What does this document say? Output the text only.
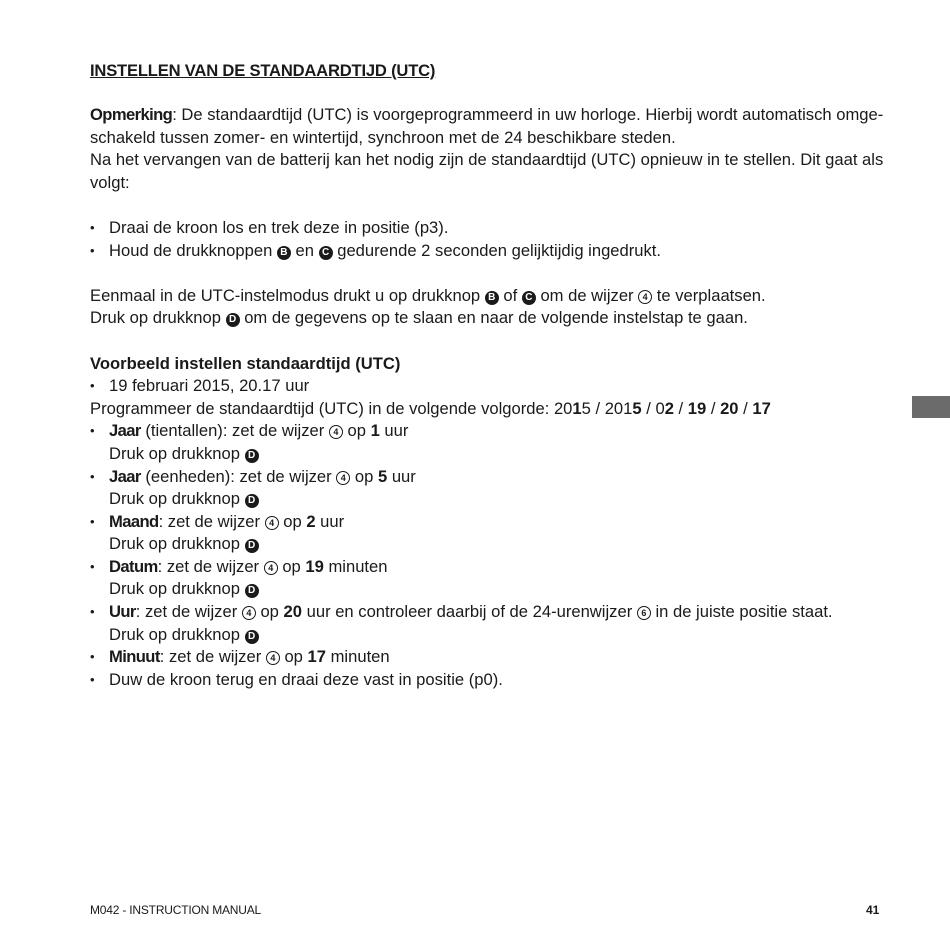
INSTELLEN VAN DE STANDAARDTIJD (UTC)

Opmerking: De standaardtijd (UTC) is voorgeprogrammeerd in uw horloge. Hierbij wordt automatisch omge-schakeld tussen zomer- en wintertijd, synchroon met de 24 beschikbare steden.

Na het vervangen van de batterij kan het nodig zijn de standaardtijd (UTC) opnieuw in te stellen. Dit gaat als volgt:

• Draai de kroon los en trek deze in positie (p3).
• Houd de drukknoppen B en C gedurende 2 seconden gelijktijdig ingedrukt.

Eenmaal in de UTC-instelmodus drukt u op drukknop B of C om de wijzer 4 te verplaatsen.

Druk op drukknop D om de gegevens op te slaan en naar de volgende instelstap te gaan.

Voorbeeld instellen standaardtijd (UTC)

• 19 februari 2015, 20.17 uur

Programmeer de standaardtijd (UTC) in de volgende volgorde: 2015 / 2015 / 02 / 19 / 20 / 17

• Jaar (tientallen): zet de wijzer 4 op 1 uur
Druk op drukknop D
• Jaar (eenheden): zet de wijzer 4 op 5 uur
Druk op drukknop D
• Maand: zet de wijzer 4 op 2 uur
Druk op drukknop D
• Datum: zet de wijzer 4 op 19 minuten
Druk op drukknop D
• Uur: zet de wijzer 4 op 20 uur en controleer daarbij of de 24-urenwijzer 6 in de juiste positie staat.
Druk op drukknop D
• Minuut: zet de wijzer 4 op 17 minuten
• Duw de kroon terug en draai deze vast in positie (p0).
M042 - INSTRUCTION MANUAL	41
